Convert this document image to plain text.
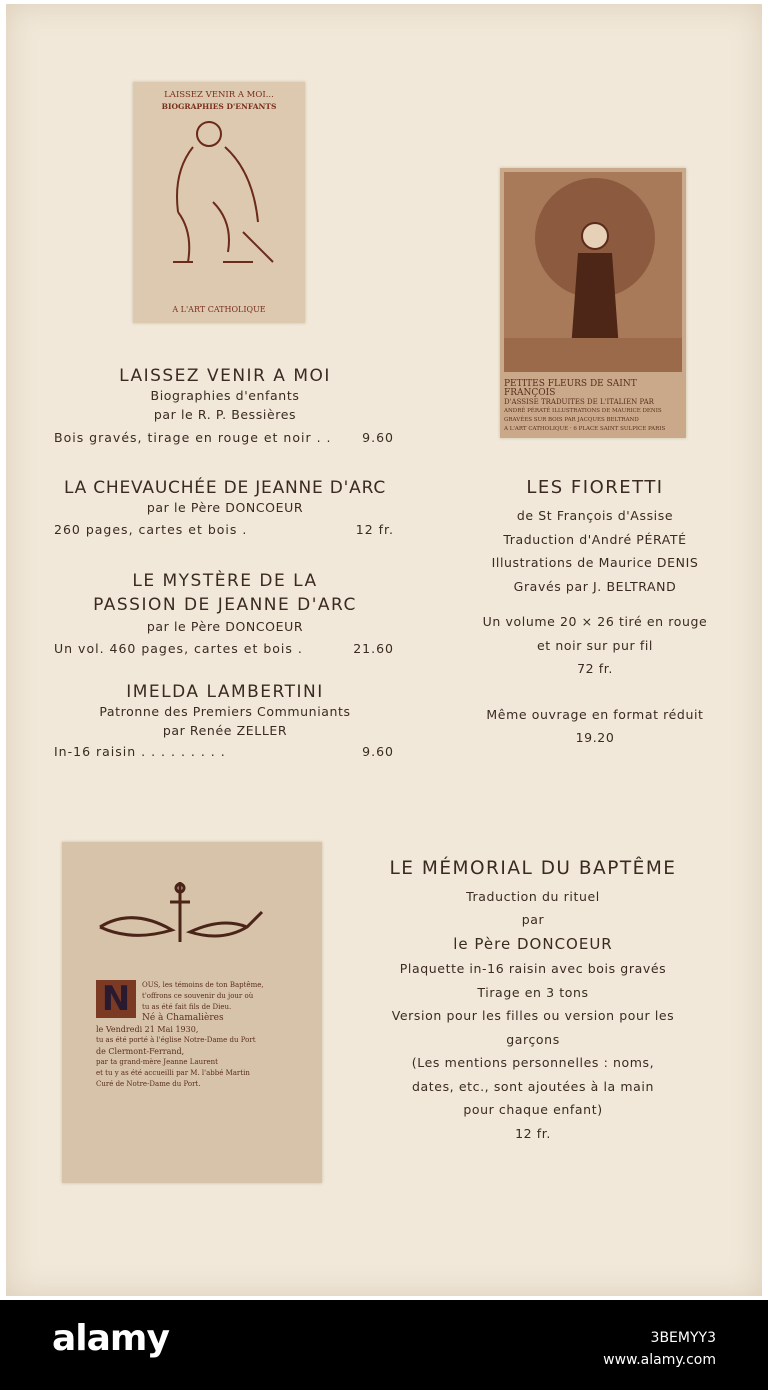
LAISSEZ VENIR A MOI...
BIOGRAPHIES D'ENFANTS
A L'ART CATHOLIQUE
PETITES FLEURS DE SAINT FRANÇOIS
D'ASSISE TRADUITES DE L'ITALIEN PAR
ANDRÉ PÉRATÉ ILLUSTRATIONS DE MAURICE DENIS
GRAVÉES SUR BOIS PAR JACQUES BELTRAND
A L'ART CATHOLIQUE · 6 PLACE SAINT SULPICE PARIS
LAISSEZ VENIR A MOI
Biographies d'enfants
par le R. P. Bessières
Bois gravés, tirage en rouge et noir . . 9.60
LA CHEVAUCHÉE DE JEANNE D'ARC
par le Père DONCOEUR
260 pages, cartes et bois .	12 fr.
LE MYSTÈRE DE LA
PASSION DE JEANNE D'ARC
par le Père DONCOEUR
Un vol. 460 pages, cartes et bois .	21.60
IMELDA LAMBERTINI
Patronne des Premiers Communiants
par Renée ZELLER
In-16 raisin . . . . . . . . .	9.60
LES FIORETTI
de St François d'Assise
Traduction d'André PÉRATÉ
Illustrations de Maurice DENIS
Gravés par J. BELTRAND
Un volume 20 × 26 tiré en rouge
et noir sur pur fil
72 fr.
Même ouvrage en format réduit
19.20
N	OUS, les témoins de ton Baptême,
t'offrons ce souvenir du jour où
tu as été fait fils de Dieu.
Né à Chamalières
le Vendredi 21 Mai 1930,
tu as été porté à l'église Notre-Dame du Port
de Clermont-Ferrand,
par ta grand-mère Jeanne Laurent
et tu y as été accueilli par M. l'abbé Martin
Curé de Notre-Dame du Port.
LE MÉMORIAL DU BAPTÊME
Traduction du rituel
par
le Père DONCOEUR
Plaquette in-16 raisin avec bois gravés
Tirage en 3 tons
Version pour les filles ou version pour les
garçons
(Les mentions personnelles : noms,
dates, etc., sont ajoutées à la main
pour chaque enfant)
12 fr.
alamy	3BEMYY3
www.alamy.com
